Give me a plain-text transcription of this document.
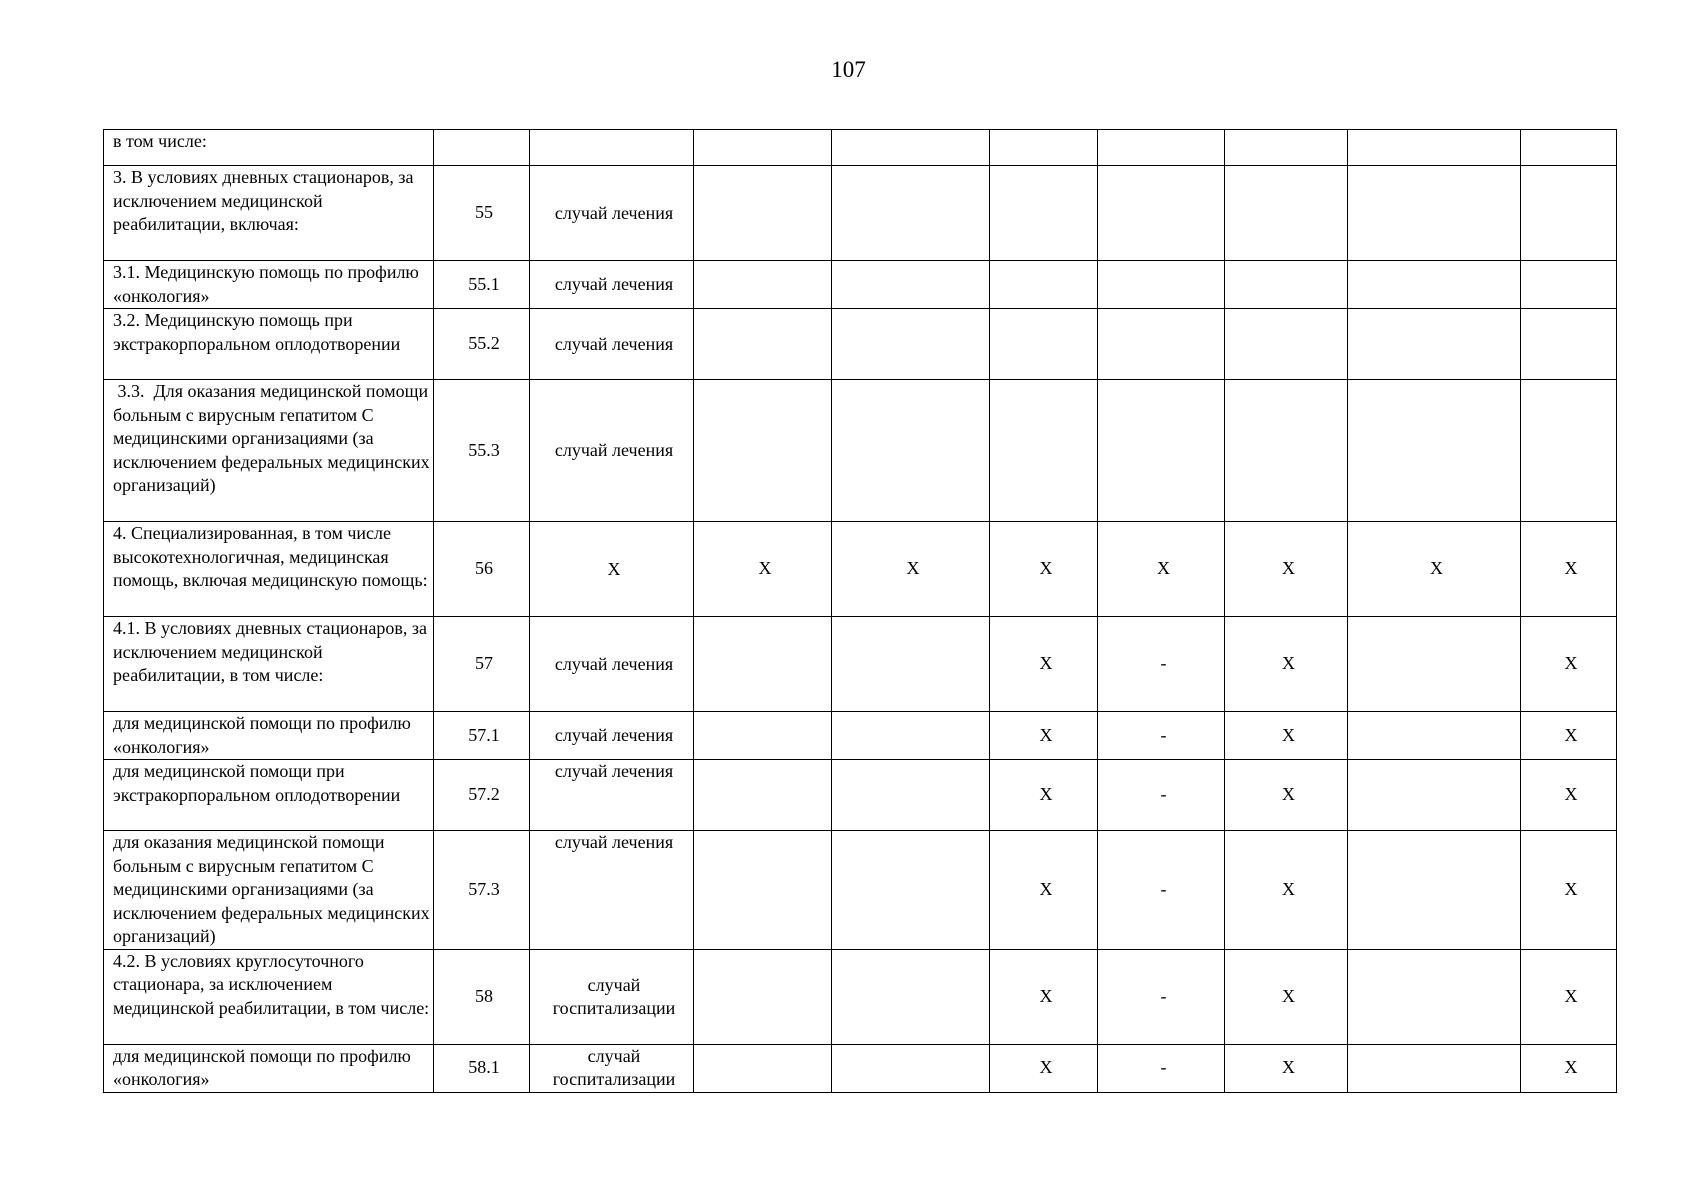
107
в том числе:									
3. В условиях дневных стационаров, за исключением медицинской реабилитации, включая:	55	случай лечения							
3.1. Медицинскую помощь по профилю «онкология»	55.1	случай лечения							
3.2. Медицинскую помощь при экстракорпоральном оплодотворении	55.2	случай лечения							
3.3.  Для оказания медицинской помощи больным с вирусным гепатитом С  медицинскими организациями (за исключением федеральных медицинских организаций)	55.3	случай лечения							
4. Специализированная, в том числе высокотехнологичная, медицинская помощь, включая медицинскую помощь:	56	Х	Х	Х	Х	Х	Х	Х	Х
4.1. В условиях дневных стационаров, за исключением медицинской реабилитации, в том числе:	57	случай лечения			Х	-	Х		Х
для медицинской помощи по профилю «онкология»	57.1	случай лечения			Х	-	Х		Х
для медицинской помощи при экстракорпоральном оплодотворении	57.2	случай лечения			Х	-	Х		Х
для оказания медицинской помощи больным с вирусным гепатитом С медицинскими организациями (за исключением федеральных медицинских организаций)	57.3	случай лечения			Х	-	Х		Х
4.2. В условиях круглосуточного стационара, за исключением медицинской реабилитации, в том числе:	58	случай госпитализации			Х	-	Х		Х
для медицинской помощи по профилю «онкология»	58.1	случай госпитализации			Х	-	Х		Х
